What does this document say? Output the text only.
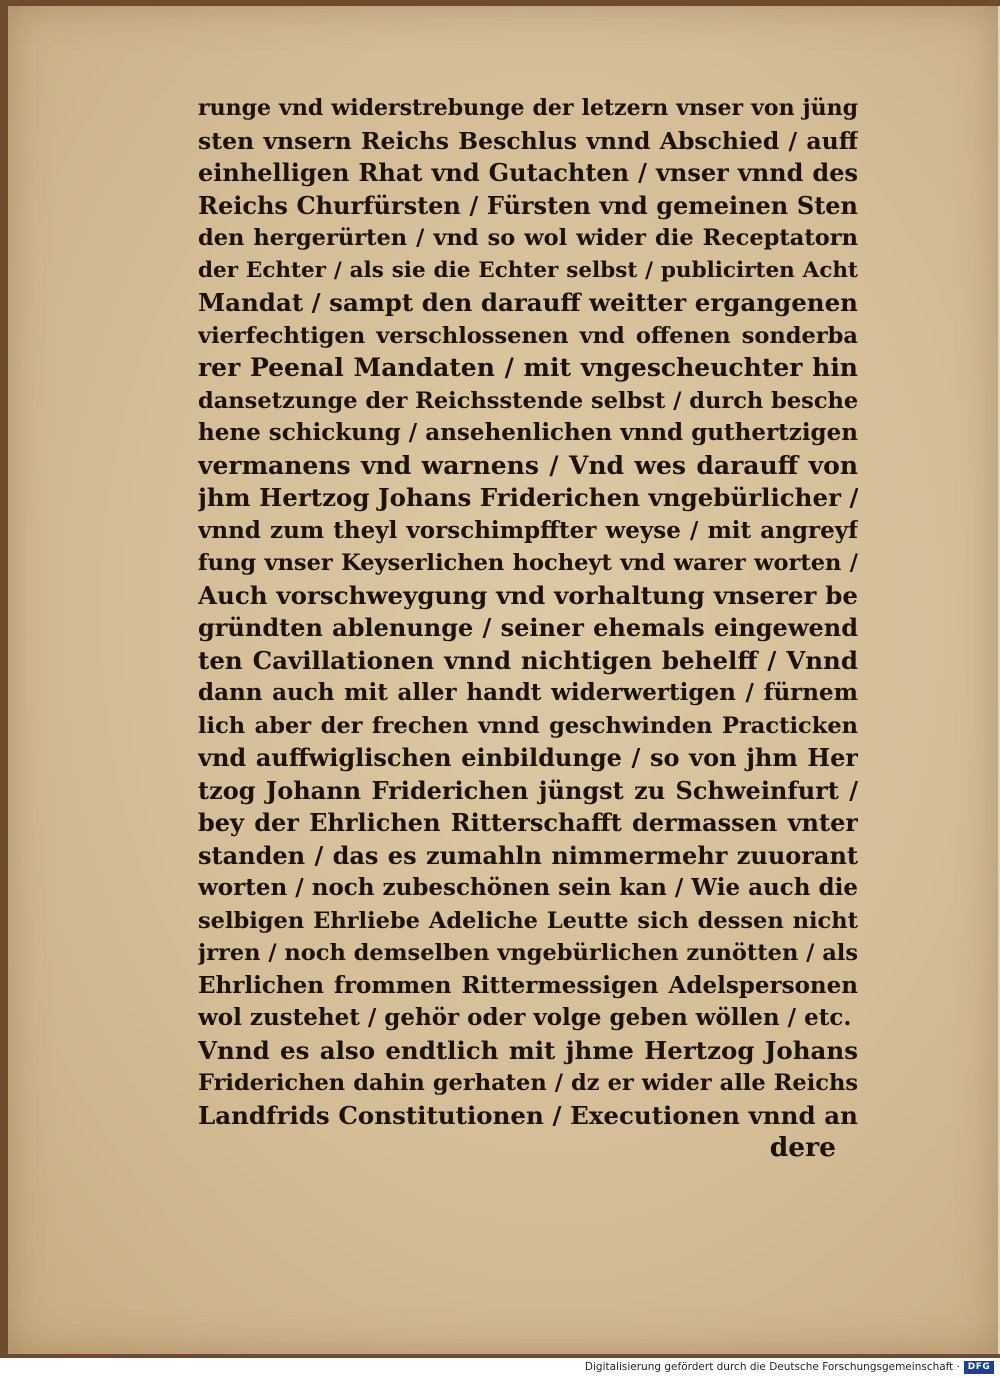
runge vnd widerstrebunge der letzern vnser von jüng
sten vnsern Reichs Beschlus vnnd Abschied / auff
einhelligen Rhat vnd Gutachten / vnser vnnd des
Reichs Churfürsten / Fürsten vnd gemeinen Sten
den hergerürten / vnd so wol wider die Receptatorn
der Echter / als sie die Echter selbst / publicirten Acht
Mandat / sampt den darauff weitter ergangenen
vierfechtigen verschlossenen vnd offenen sonderba
rer Peenal Mandaten / mit vngescheuchter hin
dansetzunge der Reichsstende selbst / durch besche
hene schickung / ansehenlichen vnnd guthertzigen
vermanens vnd warnens / Vnd wes darauff von
jhm Hertzog Johans Friderichen vngebürlicher /
vnnd zum theyl vorschimpffter weyse / mit angreyf
fung vnser Keyserlichen hocheyt vnd warer worten /
Auch vorschweygung vnd vorhaltung vnserer be
gründten ablenunge / seiner ehemals eingewend
ten Cavillationen vnnd nichtigen behelff / Vnnd
dann auch mit aller handt widerwertigen / fürnem
lich aber der frechen vnnd geschwinden Practicken
vnd auffwiglischen einbildunge / so von jhm Her
tzog Johann Friderichen jüngst zu Schweinfurt /
bey der Ehrlichen Ritterschafft dermassen vnter
standen / das es zumahln nimmermehr zuuorant
worten / noch zubeschönen sein kan / Wie auch die
selbigen Ehrliebe Adeliche Leutte sich dessen nicht
jrren / noch demselben vngebürlichen zunötten / als
Ehrlichen frommen Rittermessigen Adelspersonen
wol zustehet / gehör oder volge geben wöllen / etc.
Vnnd es also endtlich mit jhme Hertzog Johans
Friderichen dahin gerhaten / dz er wider alle Reichs
Landfrids Constitutionen / Executionen vnnd an
dere
Digitalisierung gefördert durch die Deutsche Forschungsgemeinschaft · DFG
